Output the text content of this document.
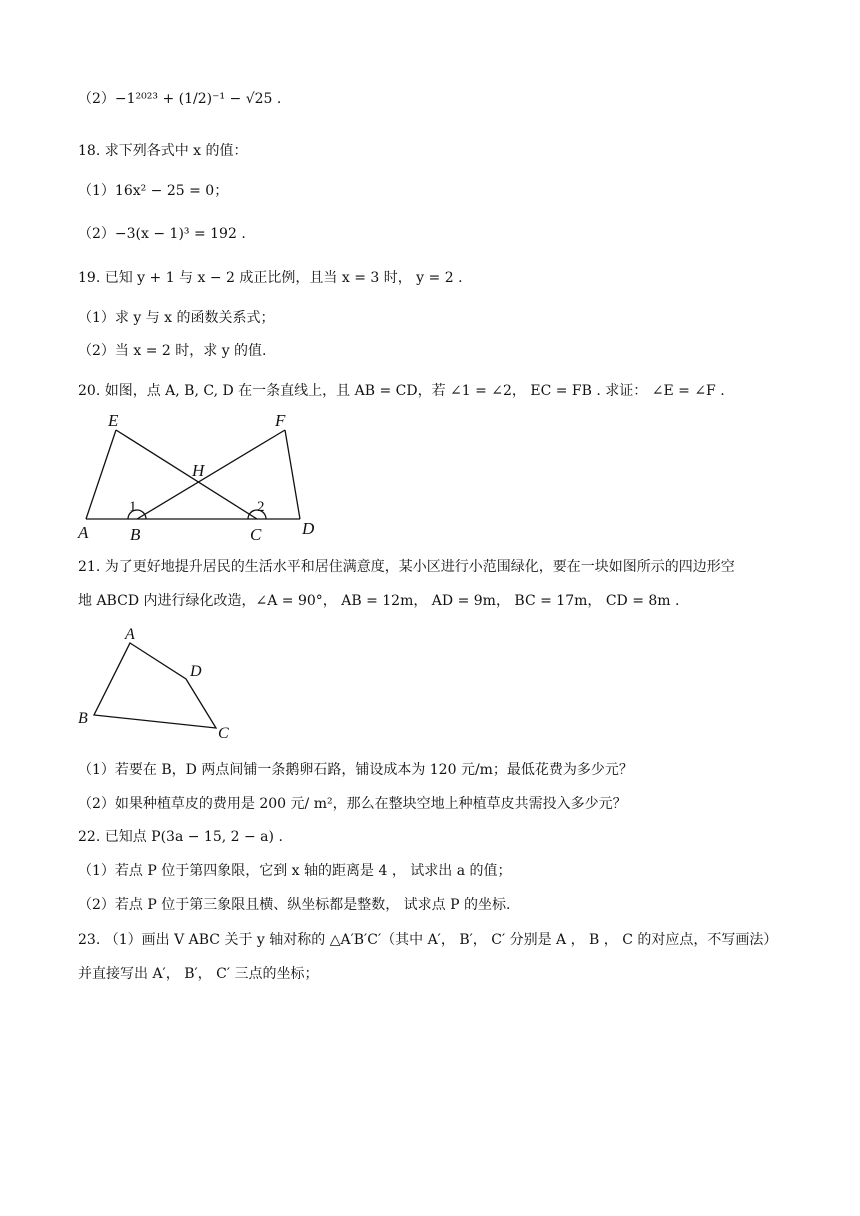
（2）−1²⁰²³ + (1/2)⁻¹ − √25 .
18. 求下列各式中 x 的值：
（1）16x² − 25 = 0；
（2）−3(x − 1)³ = 192 .
19. 已知 y + 1 与 x − 2 成正比例，且当 x = 3 时， y = 2 .
（1）求 y 与 x 的函数关系式；
（2）当 x = 2 时，求 y 的值.
20. 如图，点 A, B, C, D 在一条直线上，且 AB = CD，若 ∠1 = ∠2， EC = FB . 求证： ∠E = ∠F .
E	F
H
A B	C D
1	2
21. 为了更好地提升居民的生活水平和居住满意度，某小区进行小范围绿化，要在一块如图所示的四边形空
地 ABCD 内进行绿化改造，∠A = 90°， AB = 12m， AD = 9m， BC = 17m， CD = 8m .
A
D
C
B
（1）若要在 B，D 两点间铺一条鹅卵石路，铺设成本为 120 元/m；最低花费为多少元？
（2）如果种植草皮的费用是 200 元/ m²，那么在整块空地上种植草皮共需投入多少元？
22. 已知点 P(3a − 15, 2 − a) .
（1）若点 P 位于第四象限，它到 x 轴的距离是 4 ， 试求出 a 的值；
（2）若点 P 位于第三象限且横、纵坐标都是整数， 试求点 P 的坐标.
23. （1）画出 V ABC 关于 y 轴对称的 △A′B′C′（其中 A′， B′， C′ 分别是 A ， B ， C 的对应点，不写画法）
并直接写出 A′， B′， C′ 三点的坐标；
